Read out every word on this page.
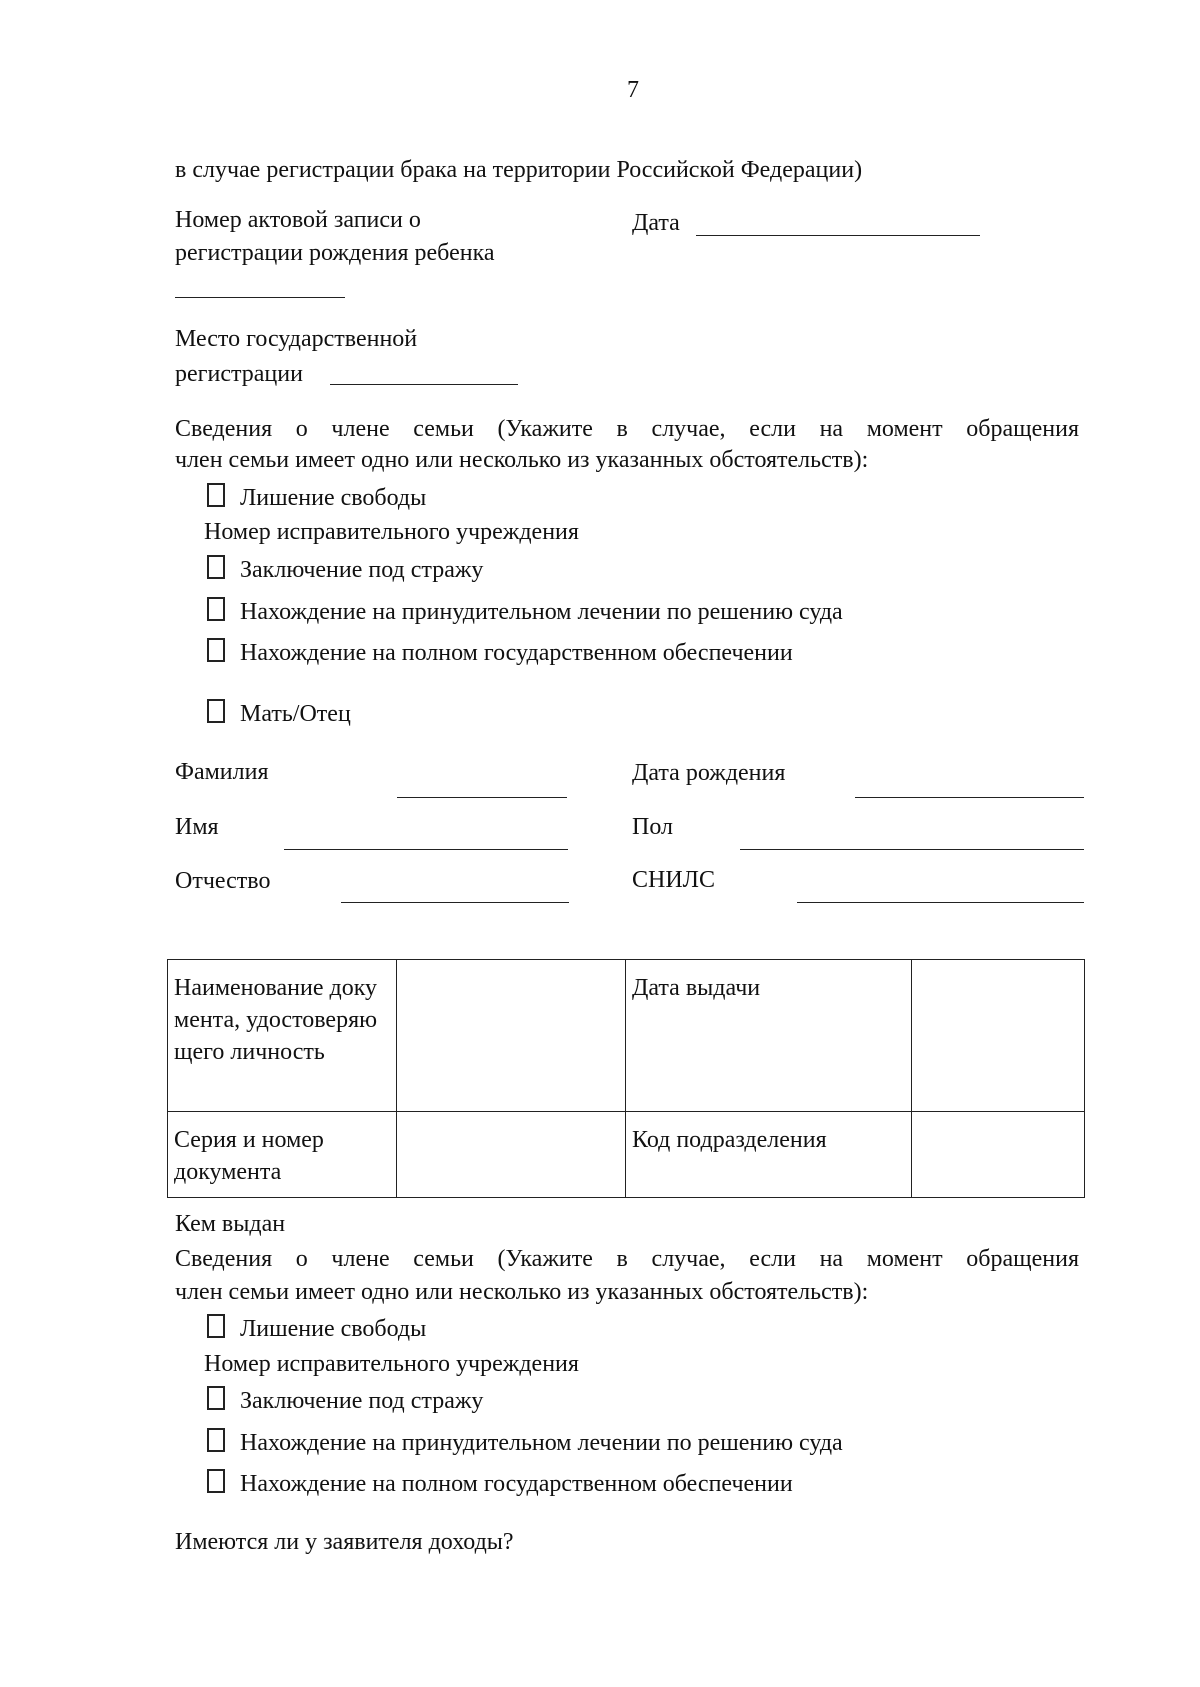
7
в случае регистрации брака на территории Российской Федерации)
Номер актовой записи о
регистрации рождения ребенка
Дата
Место государственной
регистрации
Сведения о члене семьи (Укажите в случае, если на момент обращения
член семьи имеет одно или несколько из указанных обстоятельств):
Лишение свободы
Номер исправительного учреждения
Заключение под стражу
Нахождение на принудительном лечении по решению суда
Нахождение на полном государственном обеспечении
Мать/Отец
Фамилия	Дата рождения
Имя	Пол
Отчество	СНИЛС
Наименование документа, удостоверяющего личность		Дата выдачи	
Серия и номер документа		Код подразделения	
Кем выдан
Сведения о члене семьи (Укажите в случае, если на момент обращения
член семьи имеет одно или несколько из указанных обстоятельств):
Лишение свободы
Номер исправительного учреждения
Заключение под стражу
Нахождение на принудительном лечении по решению суда
Нахождение на полном государственном обеспечении
Имеются ли у заявителя доходы?
